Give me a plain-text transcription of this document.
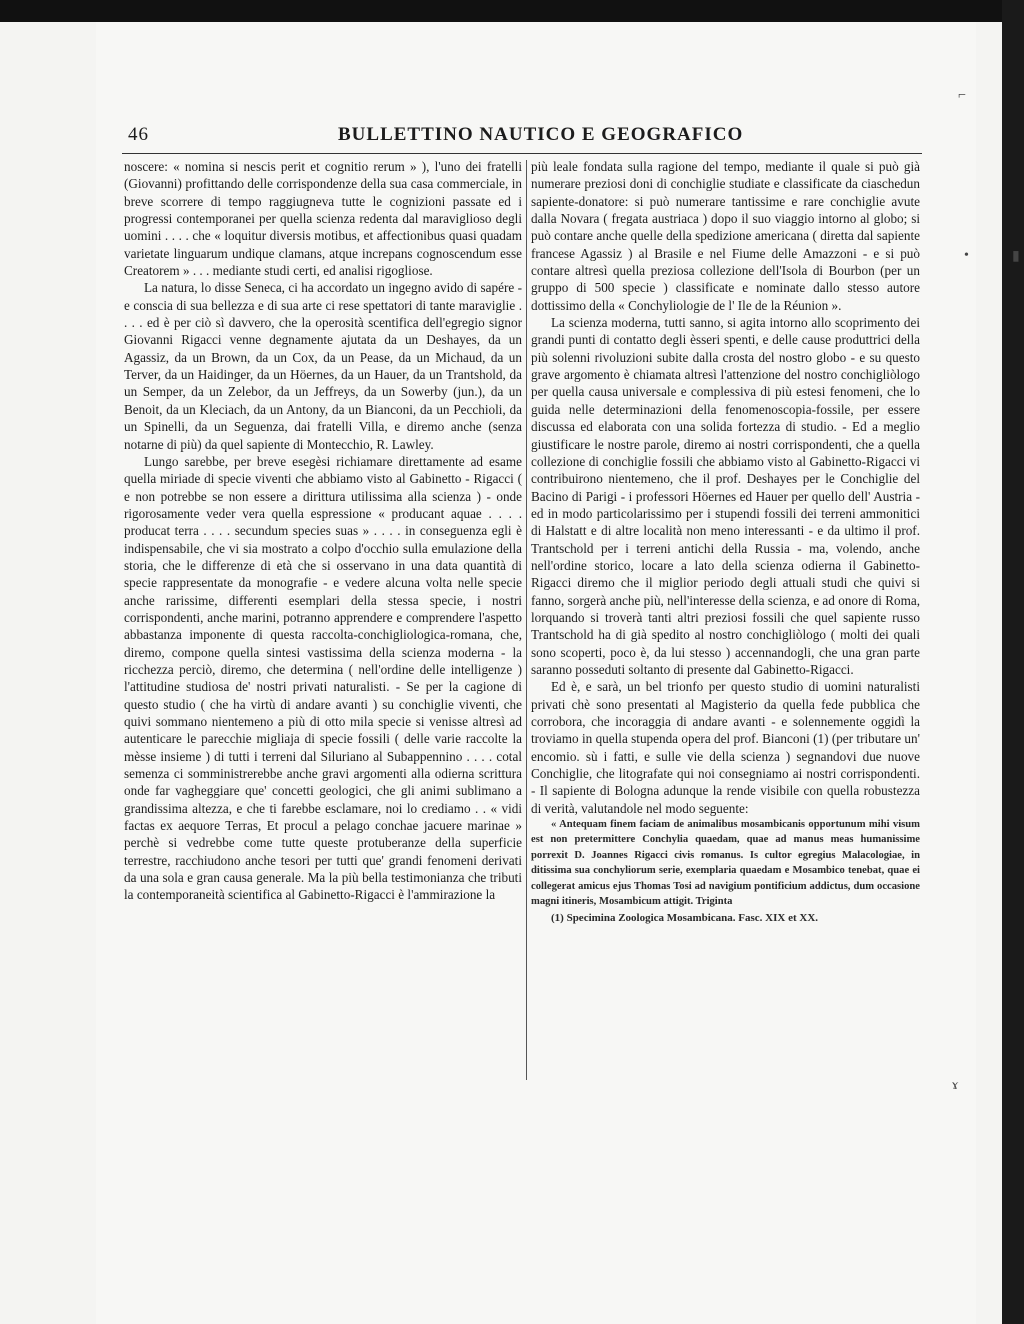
46	BULLETTINO NAUTICO E GEOGRAFICO

noscere: « nomina si nescis perit et cognitio rerum » ), l'uno dei fratelli (Giovanni) profittando delle corrispondenze della sua casa commerciale, in breve scorrere di tempo raggiugneva tutte le cognizioni passate ed i progressi contemporanei per quella scienza redenta dal maraviglioso degli uomini . . . . che « loquitur diversis motibus, et affectionibus quasi quadam varietate linguarum undique clamans, atque increpans cognoscendum esse Creatorem » . . . mediante studi certi, ed analisi rigogliose.

La natura, lo disse Seneca, ci ha accordato un ingegno avido di sapére - e conscia di sua bellezza e di sua arte ci rese spettatori di tante maraviglie . . . . ed è per ciò sì davvero, che la operosità scentifica dell'egregio signor Giovanni Rigacci venne degnamente ajutata da un Deshayes, da un Agassiz, da un Brown, da un Cox, da un Pease, da un Michaud, da un Terver, da un Haidinger, da un Höernes, da un Hauer, da un Trantshold, da un Semper, da un Zelebor, da un Jeffreys, da un Sowerby (jun.), da un Benoit, da un Kleciach, da un Antony, da un Bianconi, da un Pecchioli, da un Spinelli, da un Seguenza, dai fratelli Villa, e diremo anche (senza notarne di più) da quel sapiente di Montecchio, R. Lawley.

Lungo sarebbe, per breve esegèsi richiamare direttamente ad esame quella miriade di specie viventi che abbiamo visto al Gabinetto - Rigacci ( e non potrebbe se non essere a dirittura utilissima alla scienza ) - onde rigorosamente veder vera quella espressione « producant aquae . . . . producat terra . . . . secundum species suas » . . . . in conseguenza egli è indispensabile, che vi sia mostrato a colpo d'occhio sulla emulazione della storia, che le differenze di età che si osservano in una data quantità di specie rappresentate da monografie - e vedere alcuna volta nelle specie anche rarissime, differenti esemplari della stessa specie, i nostri corrispondenti, anche marini, potranno apprendere e comprendere l'aspetto abbastanza imponente di questa raccolta-conchigliologica-romana, che, diremo, compone quella sintesi vastissima della scienza moderna - la ricchezza perciò, diremo, che determina ( nell'ordine delle intelligenze ) l'attitudine studiosa de' nostri privati naturalisti. - Se per la cagione di questo studio ( che ha virtù di andare avanti ) su conchiglie viventi, che quivi sommano nientemeno a più di otto mila specie si venisse altresì ad autenticare le parecchie migliaja di specie fossili ( delle varie raccolte la mèsse insieme ) di tutti i terreni dal Siluriano al Subappennino . . . . cotal semenza ci somministrerebbe anche gravi argomenti alla odierna scrittura onde far vagheggiare que' concetti geologici, che gli animi sublimano a grandissima altezza, e che ti farebbe esclamare, noi lo crediamo . . « vidi factas ex aequore Terras, Et procul a pelago conchae jacuere marinae » perchè si vedrebbe come tutte queste protuberanze della superficie terrestre, racchiudono anche tesori per tutti que' grandi fenomeni derivati da una sola e gran causa generale. Ma la più bella testimonianza che tributi la contemporaneità scientifica al Gabinetto-Rigacci è l'ammirazione la

più leale fondata sulla ragione del tempo, mediante il quale si può già numerare preziosi doni di conchiglie studiate e classificate da ciaschedun sapiente-donatore: si può numerare tantissime e rare conchiglie avute dalla Novara ( fregata austriaca ) dopo il suo viaggio intorno al globo; si può contare anche quelle della spedizione americana ( diretta dal sapiente francese Agassiz ) al Brasile e nel Fiume delle Amazzoni - e si può contare altresì quella preziosa collezione dell'Isola di Bourbon (per un gruppo di 500 specie ) classificate e nominate dallo stesso autore dottissimo della « Conchyliologie de l' Ile de la Réunion ».

La scienza moderna, tutti sanno, si agita intorno allo scoprimento dei grandi punti di contatto degli èsseri spenti, e delle cause produttrici della più solenni rivoluzioni subite dalla crosta del nostro globo - e su questo grave argomento è chiamata altresì l'attenzione del nostro conchigliòlogo per quella causa universale e complessiva di più estesi fenomeni, che lo guida nelle determinazioni della fenomenoscopia-fossile, per essere discussa ed elaborata con una solida fortezza di studio. - Ed a meglio giustificare le nostre parole, diremo ai nostri corrispondenti, che a quella collezione di conchiglie fossili che abbiamo visto al Gabinetto-Rigacci vi contribuirono nientemeno, che il prof. Deshayes per le Conchiglie del Bacino di Parigi - i professori Höernes ed Hauer per quello dell' Austria - ed in modo particolarissimo per i stupendi fossili dei terreni ammonitici di Halstatt e di altre località non meno interessanti - e da ultimo il prof. Trantschold per i terreni antichi della Russia - ma, volendo, anche nell'ordine storico, locare a lato della scienza odierna il Gabinetto-Rigacci diremo che il miglior periodo degli attuali studi che quivi si fanno, sorgerà anche più, nell'interesse della scienza, e ad onore di Roma, lorquando si troverà tanti altri preziosi fossili che quel sapiente russo Trantschold ha di già spedito al nostro conchigliòlogo ( molti dei quali sono scoperti, poco è, da lui stesso ) accennandogli, che una gran parte saranno posseduti soltanto di presente dal Gabinetto-Rigacci.

Ed è, e sarà, un bel trionfo per questo studio di uomini naturalisti privati chè sono presentati al Magisterio da quella fede pubblica che corrobora, che incoraggia di andare avanti - e solennemente oggidì la troviamo in quella stupenda opera del prof. Bianconi (1) (per tributare un' encomio. sù i fatti, e sulle vie della scienza ) segnandovi due nuove Conchiglie, che litografate qui noi consegniamo ai nostri corrispondenti. - Il sapiente di Bologna adunque la rende visibile con quella robustezza di verità, valutandole nel modo seguente:

« Antequam finem faciam de animalibus mosambicanis opportunum mihi visum est non pretermittere Conchylia quaedam, quae ad manus meas humanissime porrexit D. Joannes Rigacci civis romanus. Is cultor egregius Malacologiae, in ditissima sua conchyliorum serie, exemplaria quaedam e Mosambico tenebat, quae ei collegerat amicus ejus Thomas Tosi ad navigium pontificium addictus, dum occasione magni itineris, Mosambicum attigit. Triginta

(1) Specimina Zoologica Mosambicana. Fasc. XIX et XX.

⌐
•	▮
ɤ
